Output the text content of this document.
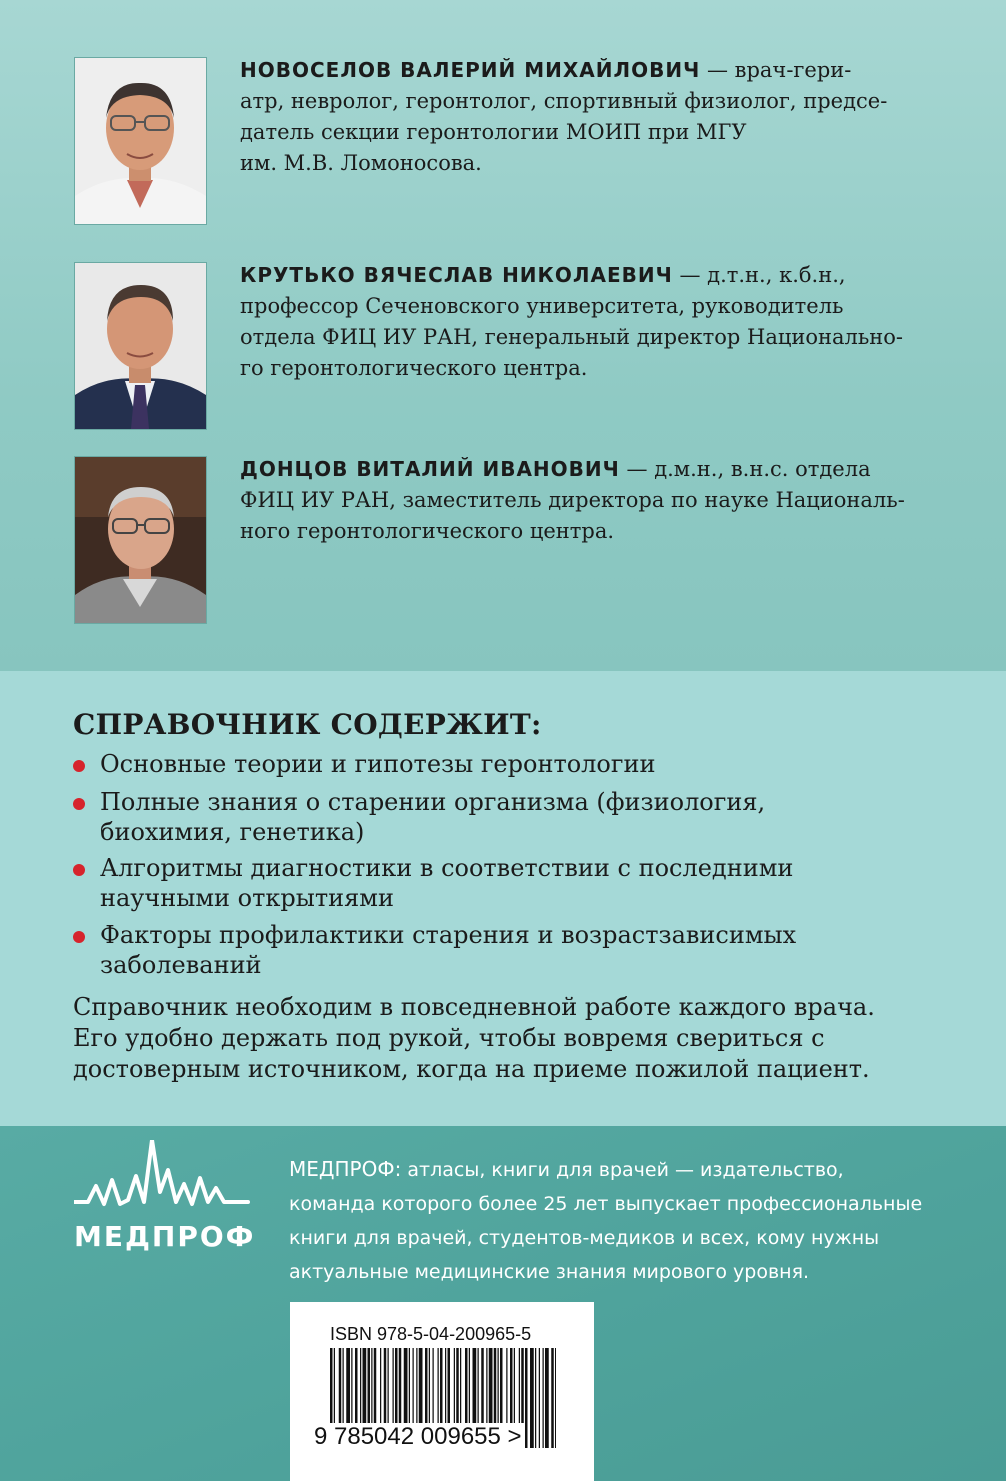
НОВОСЕЛОВ ВАЛЕРИЙ МИХАЙЛОВИЧ — врач-гери-
атр, невролог, геронтолог, спортивный физиолог, предсе-
датель секции геронтологии МОИП при МГУ
им. М.В. Ломоносова.
КРУТЬКО ВЯЧЕСЛАВ НИКОЛАЕВИЧ — д.т.н., к.б.н.,
профессор Сеченовского университета, руководитель
отдела ФИЦ ИУ РАН, генеральный директор Национально-
го геронтологического центра.
ДОНЦОВ ВИТАЛИЙ ИВАНОВИЧ — д.м.н., в.н.с. отдела
ФИЦ ИУ РАН, заместитель директора по науке Националь-
ного геронтологического центра.
СПРАВОЧНИК СОДЕРЖИТ:
Основные теории и гипотезы геронтологии
Полные знания о старении организма (физиология,
биохимия, генетика)
Алгоритмы диагностики в соответствии с последними
научными открытиями
Факторы профилактики старения и возрастзависимых
заболеваний
Справочник необходим в повседневной работе каждого врача.
Его удобно держать под рукой, чтобы вовремя свериться с
достоверным источником, когда на приеме пожилой пациент.
МЕДПРОФ
МЕДПРОФ: атласы, книги для врачей — издательство,
команда которого более 25 лет выпускает профессиональные
книги для врачей, студентов-медиков и всех, кому нужны
актуальные медицинские знания мирового уровня.
ISBN 978-5-04-200965-5
9 785042 009655 >
